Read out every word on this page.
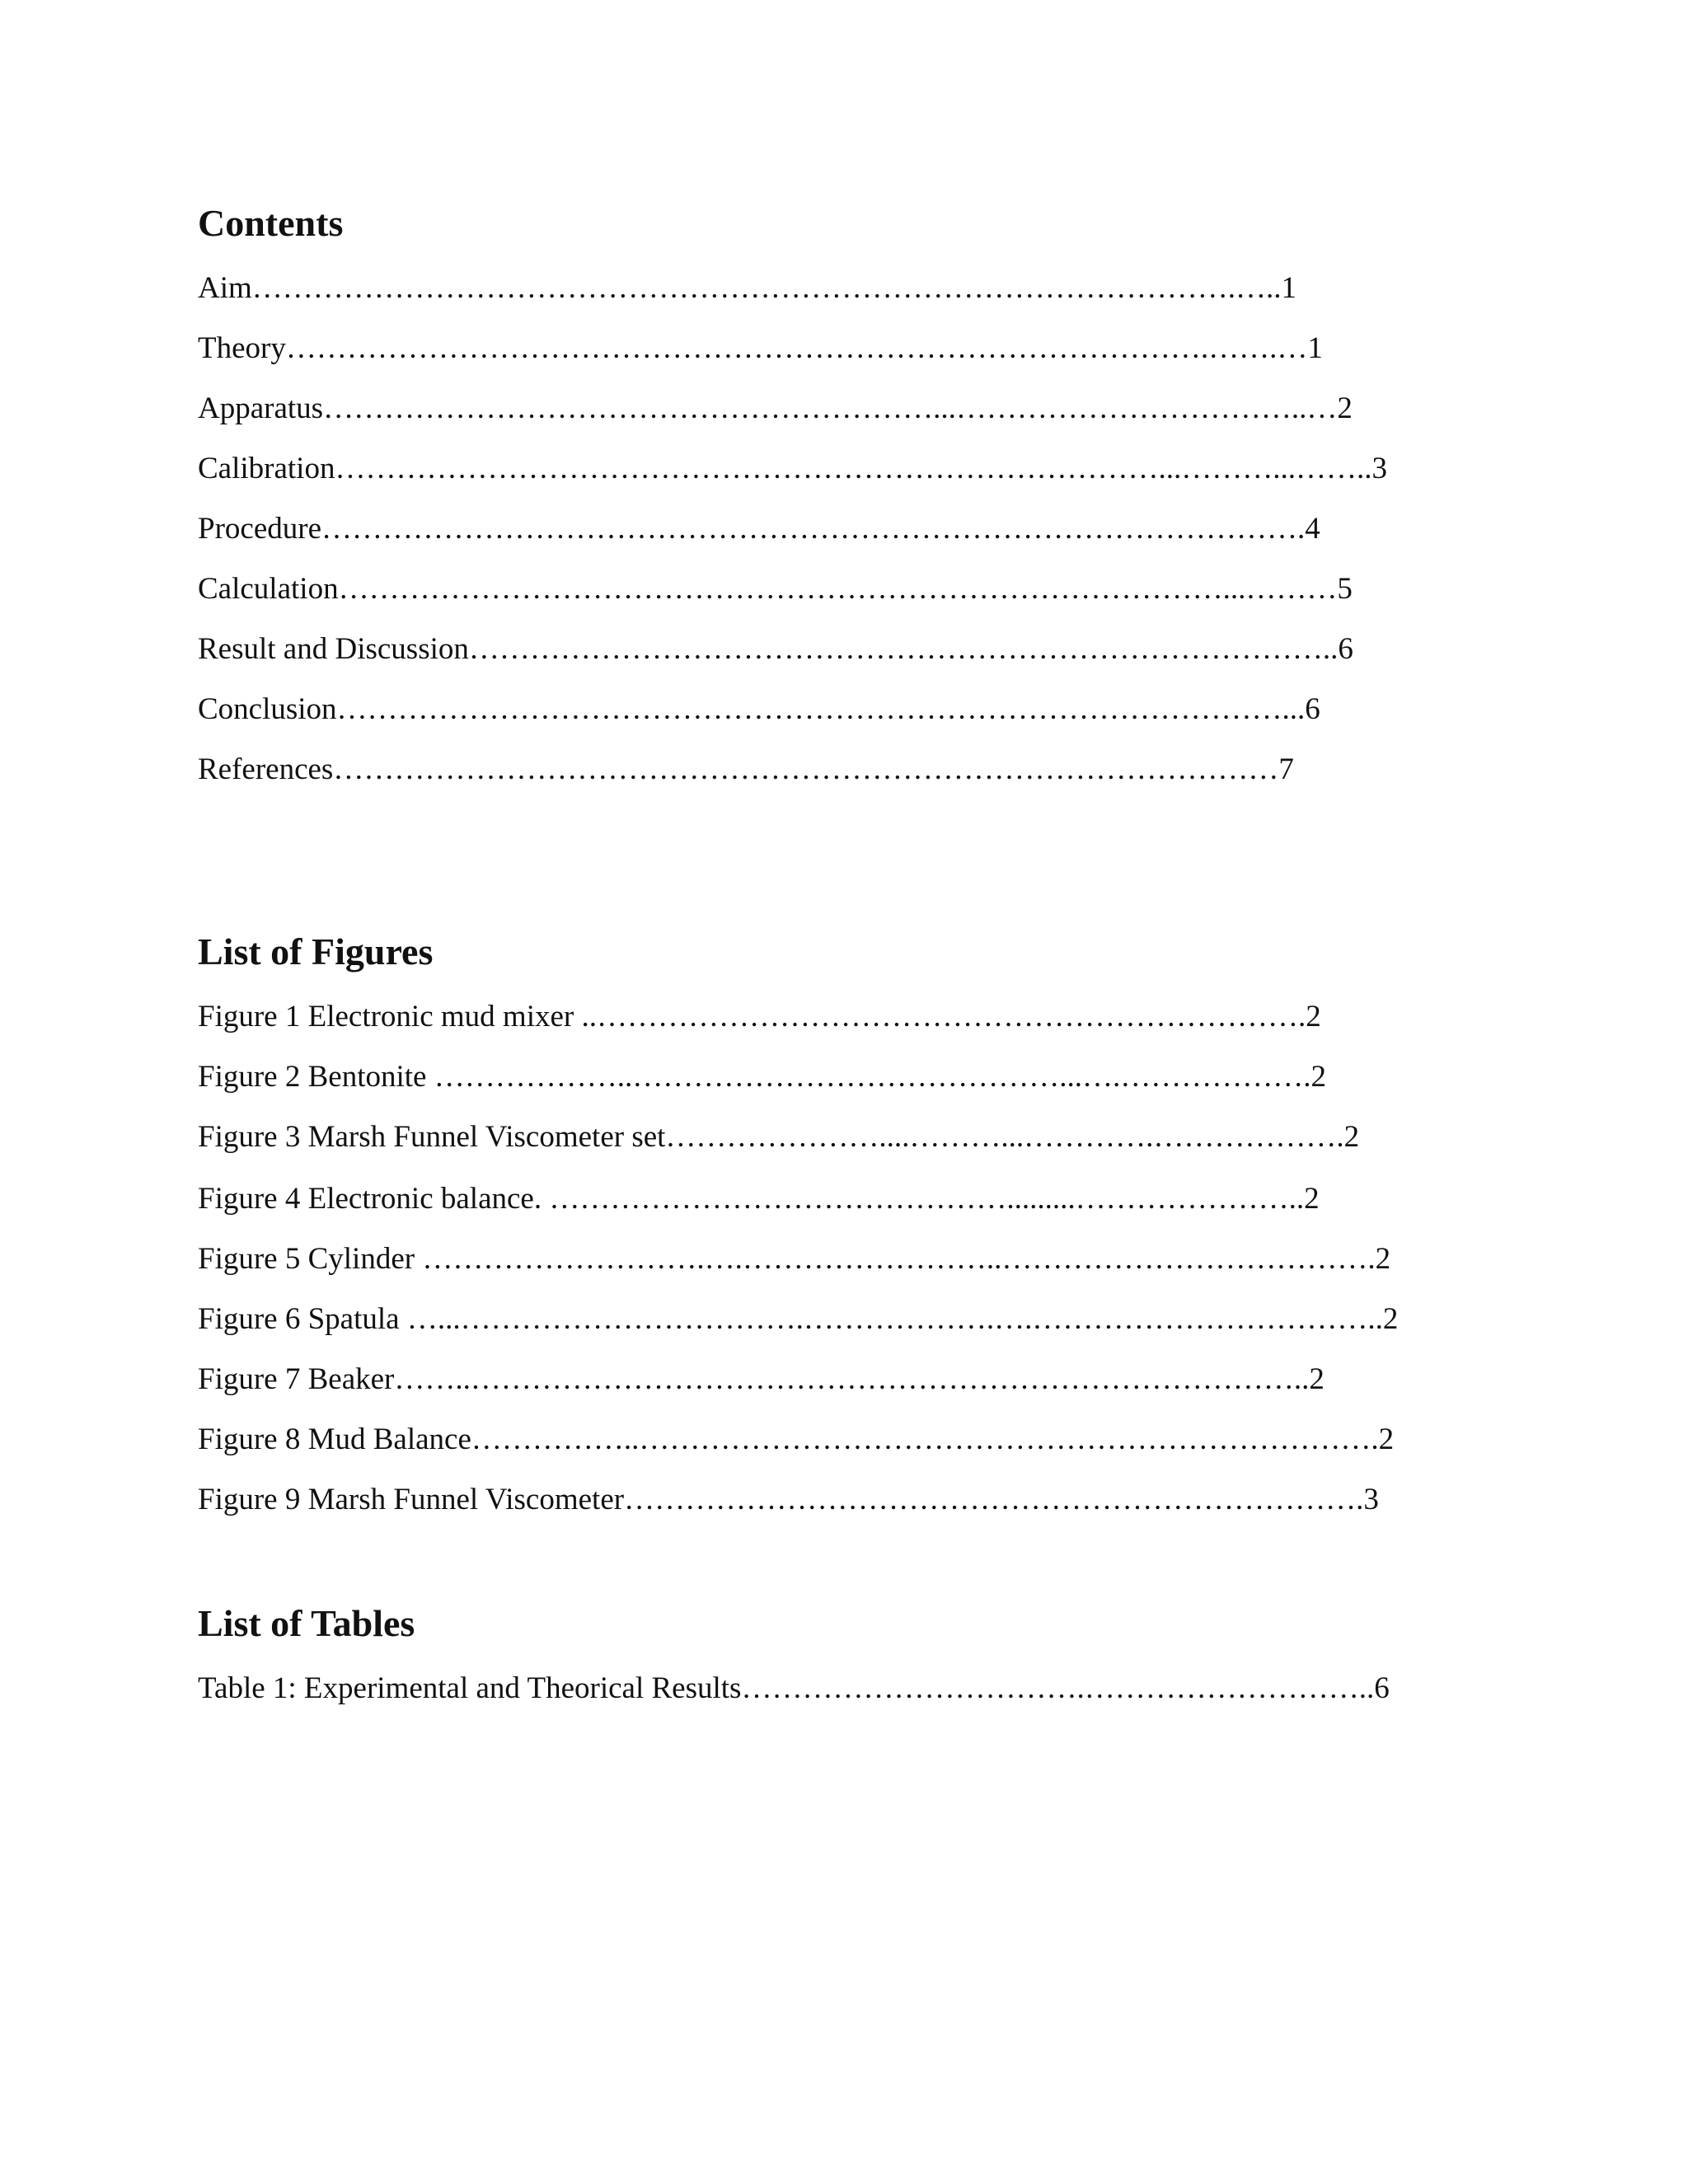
Contents
Aim…………………………………………………………………………………….…..1
Theory……………………………………………………………………………….…….…1
Apparatus……………………………………………………...……………………………..…2
Calibration………………………………………………………………………...………...……..3
Procedure…………………………………………………………………………………….4
Calculation……………………………………………………………………………...………5
Result and Discussion…………………………………………………………………………..6
Conclusion…………………………………………………………………………………...6
References…………………………………………………………………………………7
List of Figures
Figure 1 Electronic mud mixer ..…………………………………………………………….2
Figure 2 Bentonite ………………..……………………………………...….……………….2
Figure 3 Marsh Funnel Viscometer set…………………....………...………….……………….2
Figure 4 Electronic balance. ……………………………………….........…………………..2
Figure 5 Cylinder ……………………….….……………………..……………………………….2
Figure 6 Spatula …...…………………………….……………….….……………………………..2
Figure 7 Beaker……..………………………………………………………………………..2
Figure 8 Mud Balance……………..……………………………………………………………….2
Figure 9 Marsh Funnel Viscometer……………………………………………………………….3
List of Tables
Table 1: Experimental and Theorical Results…………………………….………………………..6
